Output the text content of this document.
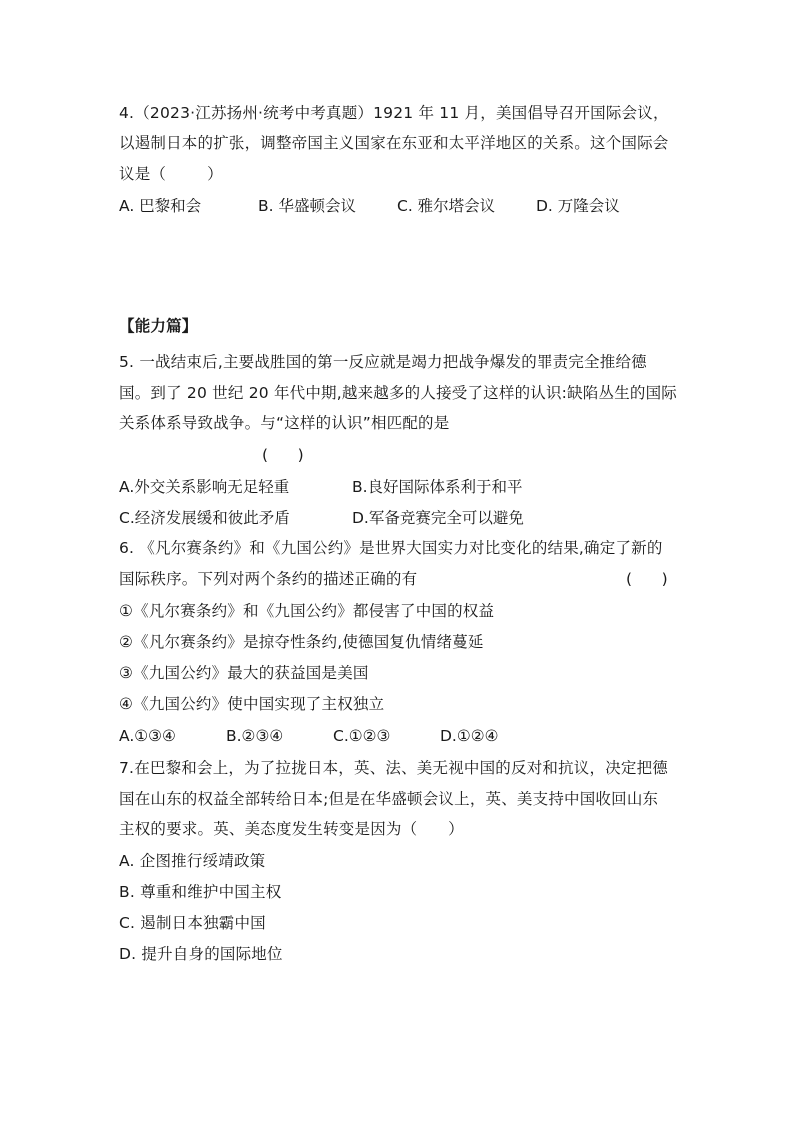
4.（2023·江苏扬州·统考中考真题）1921 年 11 月，美国倡导召开国际会议，
以遏制日本的扩张，调整帝国主义国家在东亚和太平洋地区的关系。这个国际会
议是（        ）
A. 巴黎和会	B. 华盛顿会议	C. 雅尔塔会议	D. 万隆会议
【能力篇】
5. 一战结束后,主要战胜国的第一反应就是竭力把战争爆发的罪责完全推给德
国。到了 20 世纪 20 年代中期,越来越多的人接受了这样的认识:缺陷丛生的国际
关系体系导致战争。与“这样的认识”相匹配的是
(      )
A.外交关系影响无足轻重	B.良好国际体系利于和平
C.经济发展缓和彼此矛盾	D.军备竞赛完全可以避免
6. 《凡尔赛条约》和《九国公约》是世界大国实力对比变化的结果,确定了新的
国际秩序。下列对两个条约的描述正确的有	(      )
①《凡尔赛条约》和《九国公约》都侵害了中国的权益
②《凡尔赛条约》是掠夺性条约,使德国复仇情绪蔓延
③《九国公约》最大的获益国是美国
④《九国公约》使中国实现了主权独立
A.①③④	B.②③④	C.①②③	D.①②④
7.在巴黎和会上，为了拉拢日本，英、法、美无视中国的反对和抗议，决定把德
国在山东的权益全部转给日本;但是在华盛顿会议上，英、美支持中国收回山东
主权的要求。英、美态度发生转变是因为（      ）
A. 企图推行绥靖政策
B. 尊重和维护中国主权
C. 遏制日本独霸中国
D. 提升自身的国际地位
